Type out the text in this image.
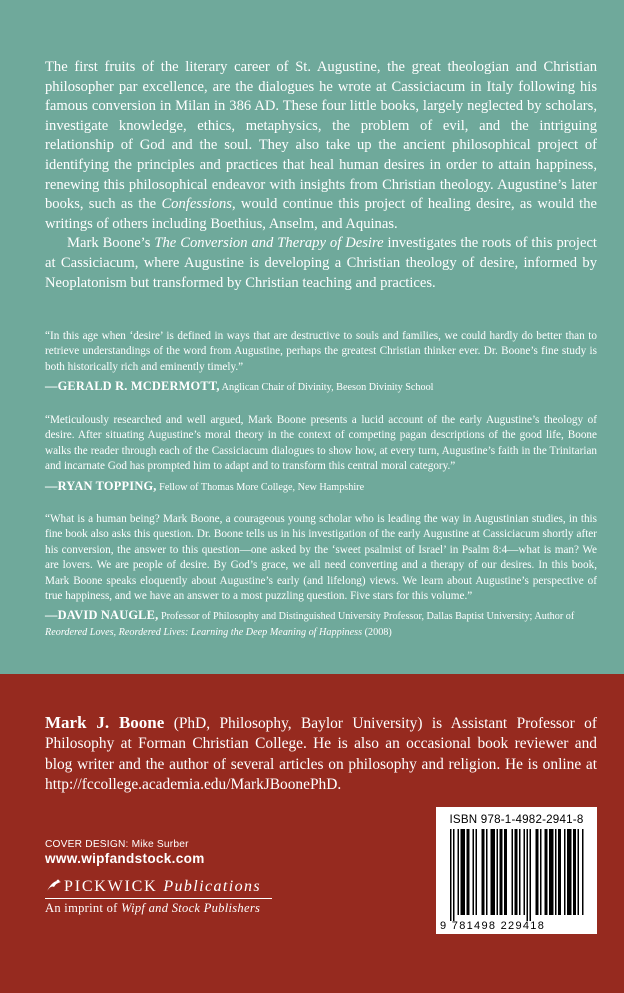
The first fruits of the literary career of St. Augustine, the great theologian and Christian philosopher par excellence, are the dialogues he wrote at Cassiciacum in Italy following his famous conversion in Milan in 386 AD. These four little books, largely neglected by scholars, investigate knowledge, ethics, metaphysics, the problem of evil, and the intriguing relationship of God and the soul. They also take up the ancient philosophical project of identifying the principles and practices that heal human desires in order to attain happiness, renewing this philosophical endeavor with insights from Christian theology. Augustine’s later books, such as the Confessions, would continue this project of healing desire, as would the writings of others including Boethius, Anselm, and Aquinas.

Mark Boone’s The Conversion and Therapy of Desire investigates the roots of this project at Cassiciacum, where Augustine is developing a Christian theology of desire, informed by Neoplatonism but transformed by Christian teaching and practices.

“In this age when ‘desire’ is defined in ways that are destructive to souls and families, we could hardly do better than to retrieve understandings of the word from Augustine, perhaps the greatest Christian thinker ever. Dr. Boone’s fine study is both historically rich and eminently timely.”

—GERALD R. MCDERMOTT, Anglican Chair of Divinity, Beeson Divinity School

“Meticulously researched and well argued, Mark Boone presents a lucid account of the early Augustine’s theology of desire. After situating Augustine’s moral theory in the context of competing pagan descriptions of the good life, Boone walks the reader through each of the Cassiciacum dialogues to show how, at every turn, Augustine’s faith in the Trinitarian and incarnate God has prompted him to adapt and to transform this central moral category.”

—RYAN TOPPING, Fellow of Thomas More College, New Hampshire

“What is a human being? Mark Boone, a courageous young scholar who is leading the way in Augustinian studies, in this fine book also asks this question. Dr. Boone tells us in his investigation of the early Augustine at Cassiciacum shortly after his conversion, the answer to this question—one asked by the ‘sweet psalmist of Israel’ in Psalm 8:4—what is man? We are lovers. We are people of desire. By God’s grace, we all need converting and a therapy of our desires. In this book, Mark Boone speaks eloquently about Augustine’s early (and lifelong) views. We learn about Augustine’s perspective of true happiness, and we have an answer to a most puzzling question. Five stars for this volume.”

—DAVID NAUGLE, Professor of Philosophy and Distinguished University Professor, Dallas Baptist University; Author of Reordered Loves, Reordered Lives: Learning the Deep Meaning of Happiness (2008)

Mark J. Boone (PhD, Philosophy, Baylor University) is Assistant Professor of Philosophy at Forman Christian College. He is also an occasional book reviewer and blog writer and the author of several articles on philosophy and religion. He is online at http://fccollege.academia.edu/MarkJBoonePhD.

COVER DESIGN: Mike Surber

www.wipfandstock.com

PICKWICK Publications

An imprint of Wipf and Stock Publishers

ISBN 978-1-4982-2941-8
9 781498 229418
